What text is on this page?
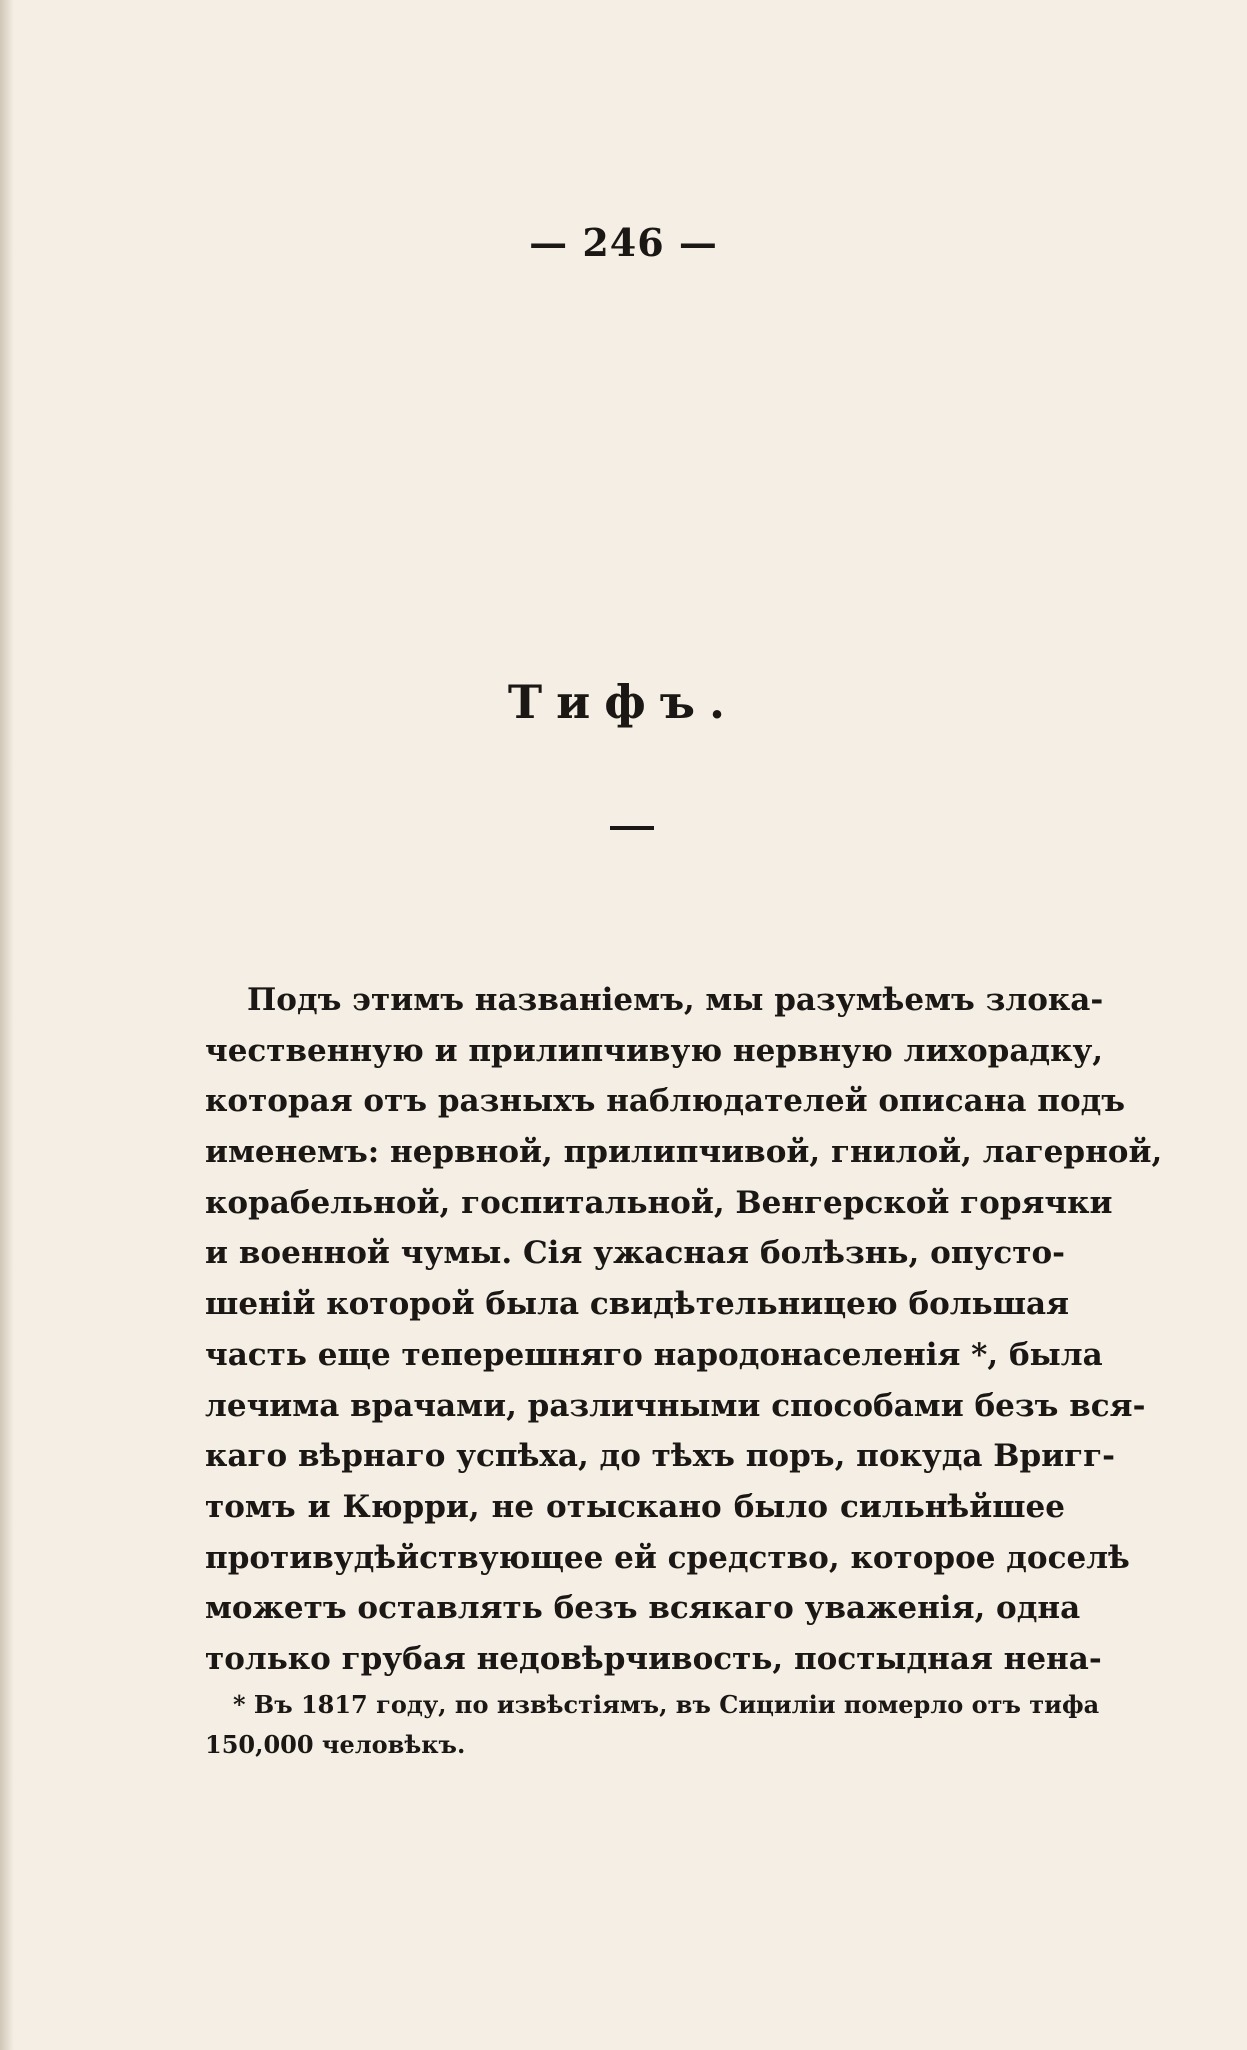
— 246 —
Тифъ.
Подъ этимъ названіемъ, мы разумѣемъ злока-
чественную и прилипчивую нервную лихорадку,
которая отъ разныхъ наблюдателей описана подъ
именемъ: нервной, прилипчивой, гнилой, лагерной,
корабельной, госпитальной, Венгерской горячки
и военной чумы. Сія ужасная болѣзнь, опусто-
шеній которой была свидѣтельницею большая
часть еще теперешняго народонаселенія *, была
лечима врачами, различными способами безъ вся-
каго вѣрнаго успѣха, до тѣхъ поръ, покуда Вригг-
томъ и Кюрри, не отыскано было сильнѣйшее
противудѣйствующее ей средство, которое доселѣ
можетъ оставлять безъ всякаго уваженія, одна
только грубая недовѣрчивость, постыдная нена-
* Въ 1817 году, по извѣстіямъ, въ Сициліи померло отъ тифа
150,000 человѣкъ.
